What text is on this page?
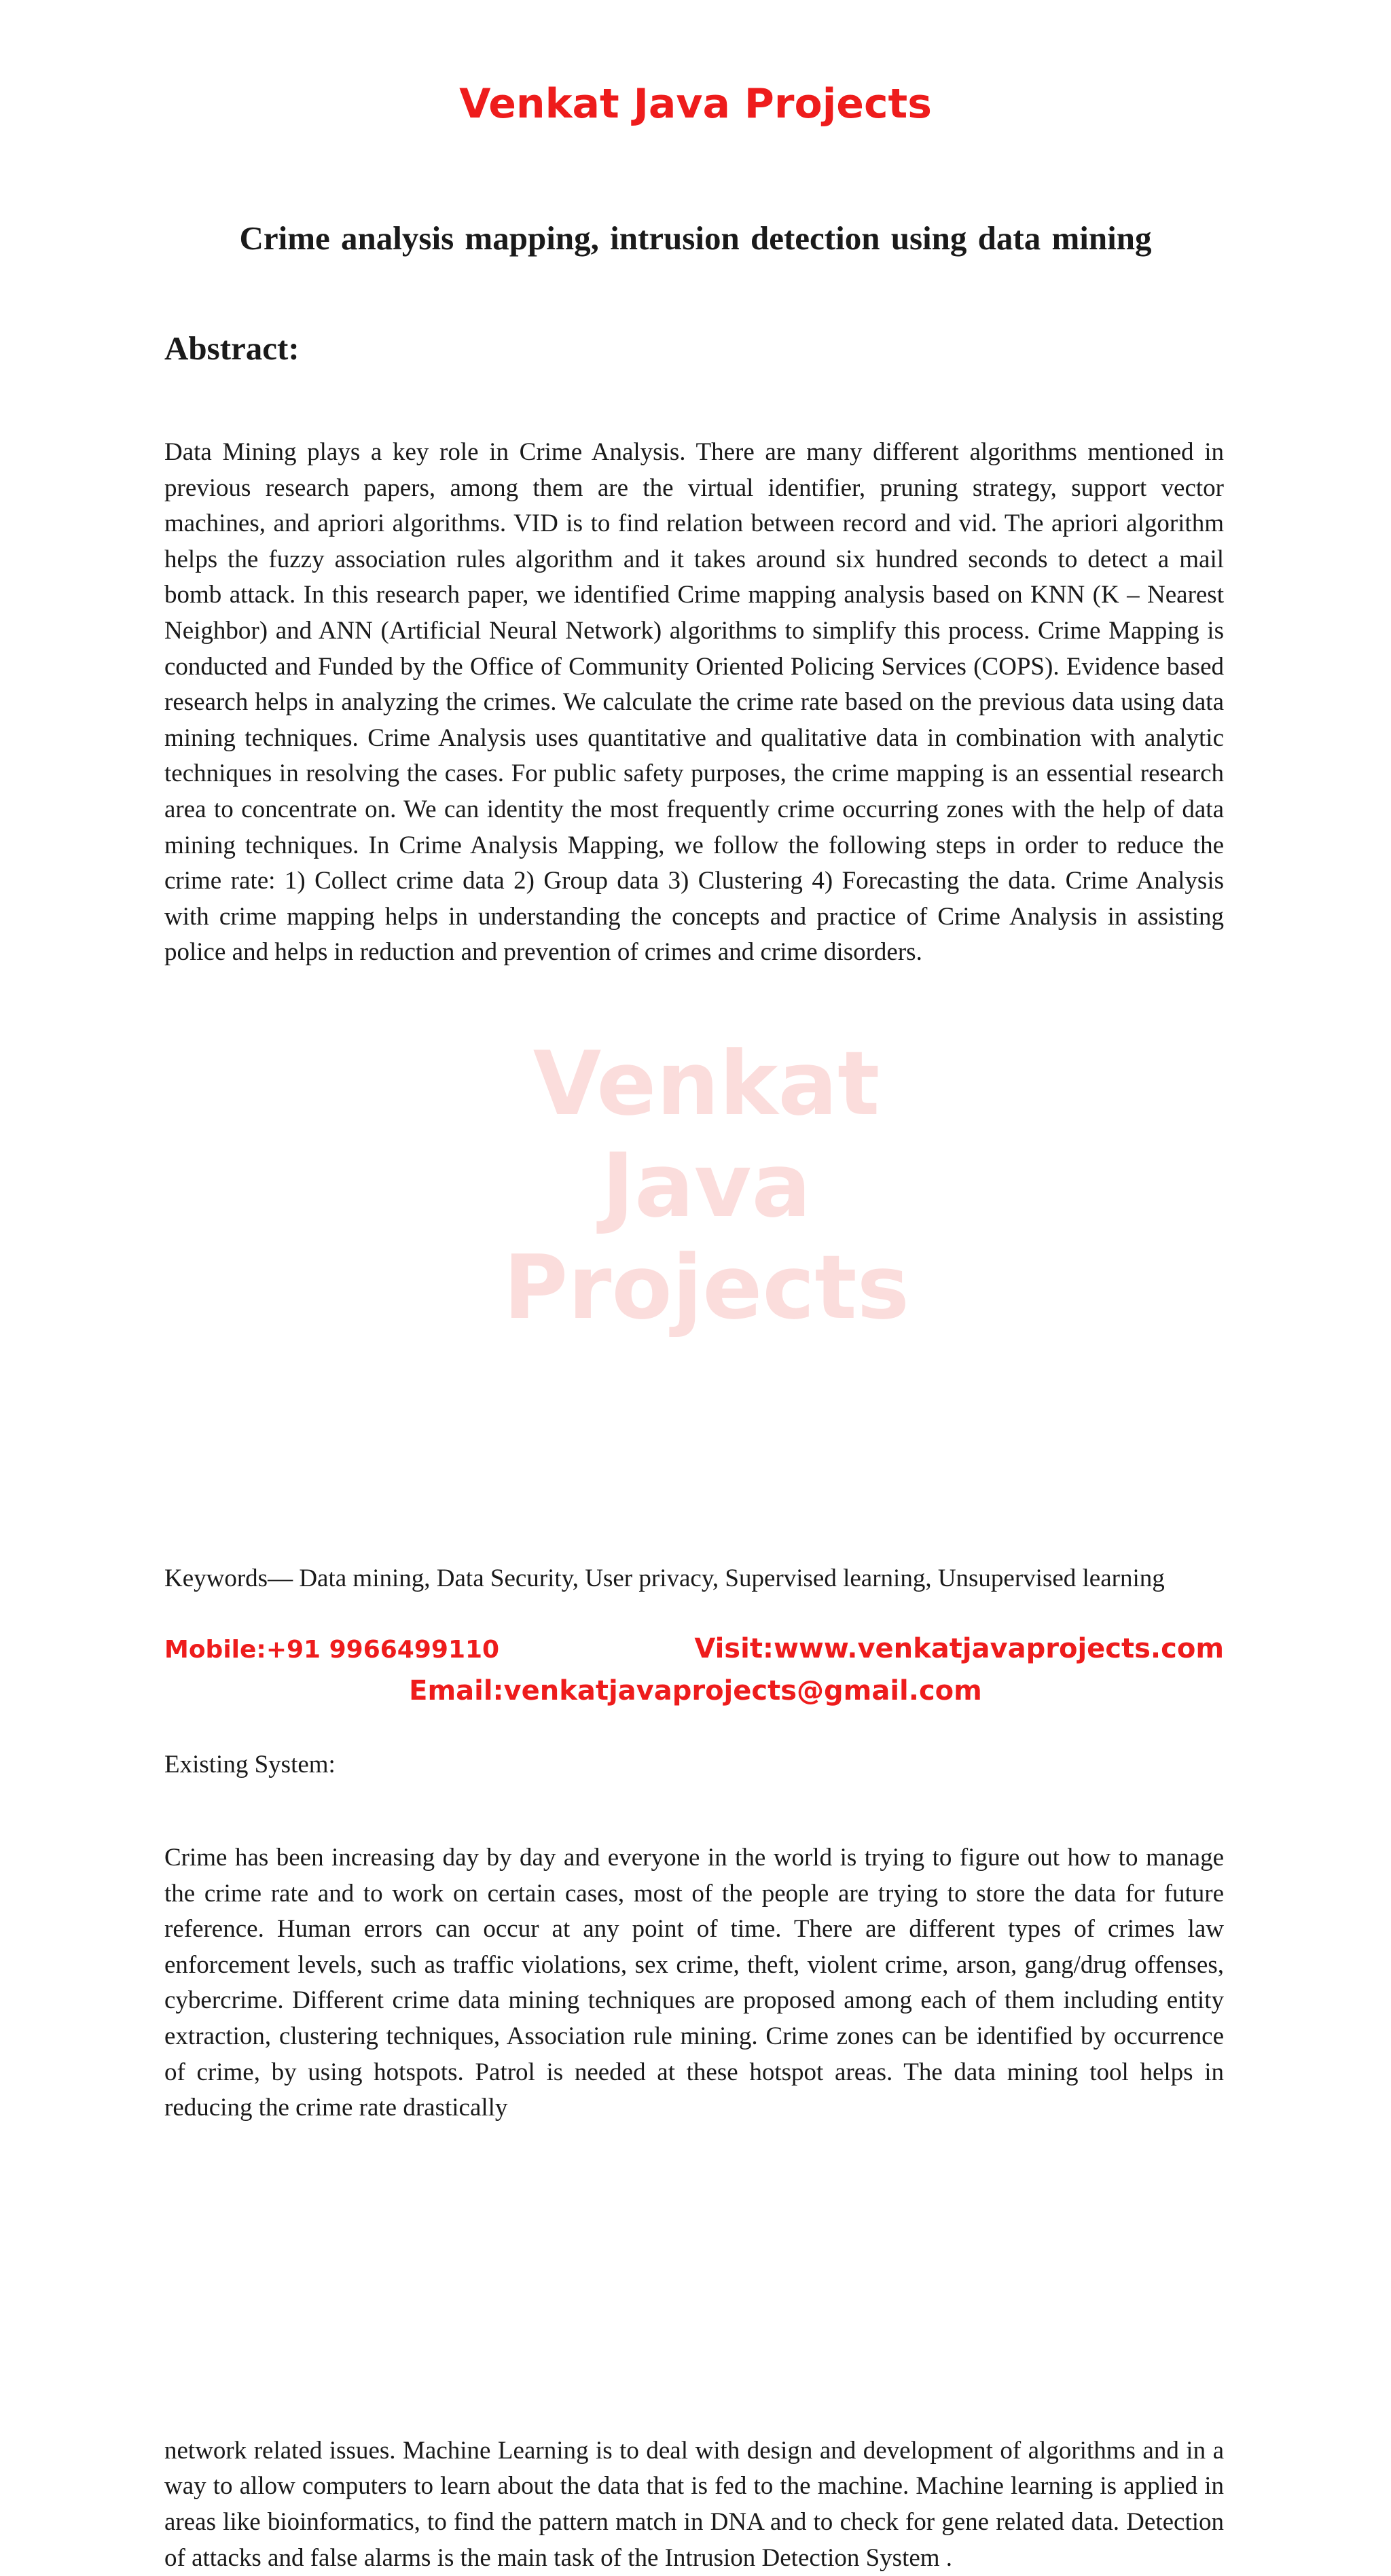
Venkat
Java Projects
Venkat Java Projects
Crime analysis mapping, intrusion detection using data mining
Abstract:

Data Mining plays a key role in Crime Analysis. There are many different algorithms mentioned in previous research papers, among them are the virtual identifier, pruning strategy, support vector machines, and apriori algorithms. VID is to find relation between record and vid. The apriori algorithm helps the fuzzy association rules algorithm and it takes around six hundred seconds to detect a mail bomb attack. In this research paper, we identified Crime mapping analysis based on KNN (K – Nearest Neighbor) and ANN (Artificial Neural Network) algorithms to simplify this process. Crime Mapping is conducted and Funded by the Office of Community Oriented Policing Services (COPS). Evidence based research helps in analyzing the crimes. We calculate the crime rate based on the previous data using data mining techniques. Crime Analysis uses quantitative and qualitative data in combination with analytic techniques in resolving the cases. For public safety purposes, the crime mapping is an essential research area to concentrate on. We can identity the most frequently crime occurring zones with the help of data mining techniques. In Crime Analysis Mapping, we follow the following steps in order to reduce the crime rate: 1) Collect crime data 2) Group data 3) Clustering 4) Forecasting the data. Crime Analysis with crime mapping helps in understanding the concepts and practice of Crime Analysis in assisting police and helps in reduction and prevention of crimes and crime disorders.

Keywords— Data mining, Data Security, User privacy, Supervised learning, Unsupervised learning

Existing System:

Crime has been increasing day by day and everyone in the world is trying to figure out how to manage the crime rate and to work on certain cases, most of the people are trying to store the data for future reference. Human errors can occur at any point of time. There are different types of crimes law enforcement levels, such as traffic violations, sex crime, theft, violent crime, arson, gang/drug offenses, cybercrime. Different crime data mining techniques are proposed among each of them including entity extraction, clustering techniques, Association rule mining. Crime zones can be identified by occurrence of crime, by using hotspots. Patrol is needed at these hotspot areas. The data mining tool helps in reducing the crime rate drastically

network related issues. Machine Learning is to deal with design and development of algorithms and in a way to allow computers to learn about the data that is fed to the machine. Machine learning is applied in areas like bioinformatics, to find the pattern match in DNA and to check for gene related data. Detection of attacks and false alarms is the main task of the Intrusion Detection System .

Mobile:+91 9966499110	Visit:www.venkatjavaprojects.com

Email:venkatjavaprojects@gmail.com
